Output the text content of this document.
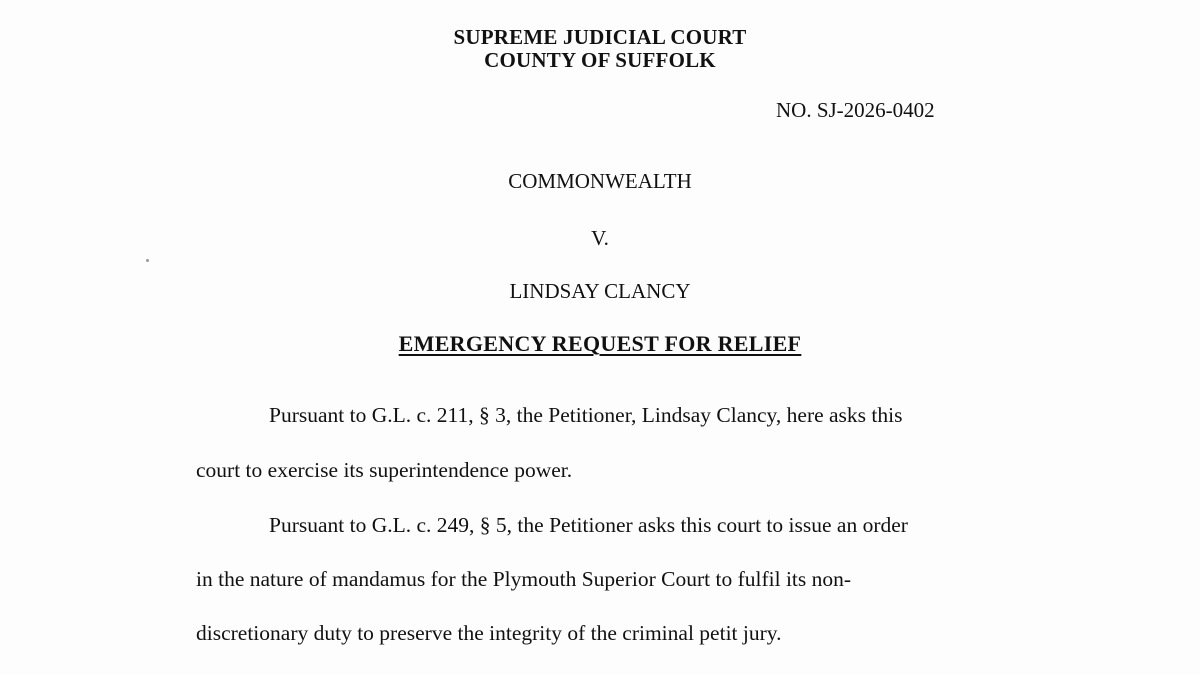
SUPREME JUDICIAL COURT
COUNTY OF SUFFOLK
NO. SJ-2026-0402
COMMONWEALTH
V.
LINDSAY CLANCY
EMERGENCY REQUEST FOR RELIEF
Pursuant to G.L. c. 211, § 3, the Petitioner, Lindsay Clancy, here asks this
court to exercise its superintendence power.
Pursuant to G.L. c. 249, § 5, the Petitioner asks this court to issue an order
in the nature of mandamus for the Plymouth Superior Court to fulfil its non-
discretionary duty to preserve the integrity of the criminal petit jury.
